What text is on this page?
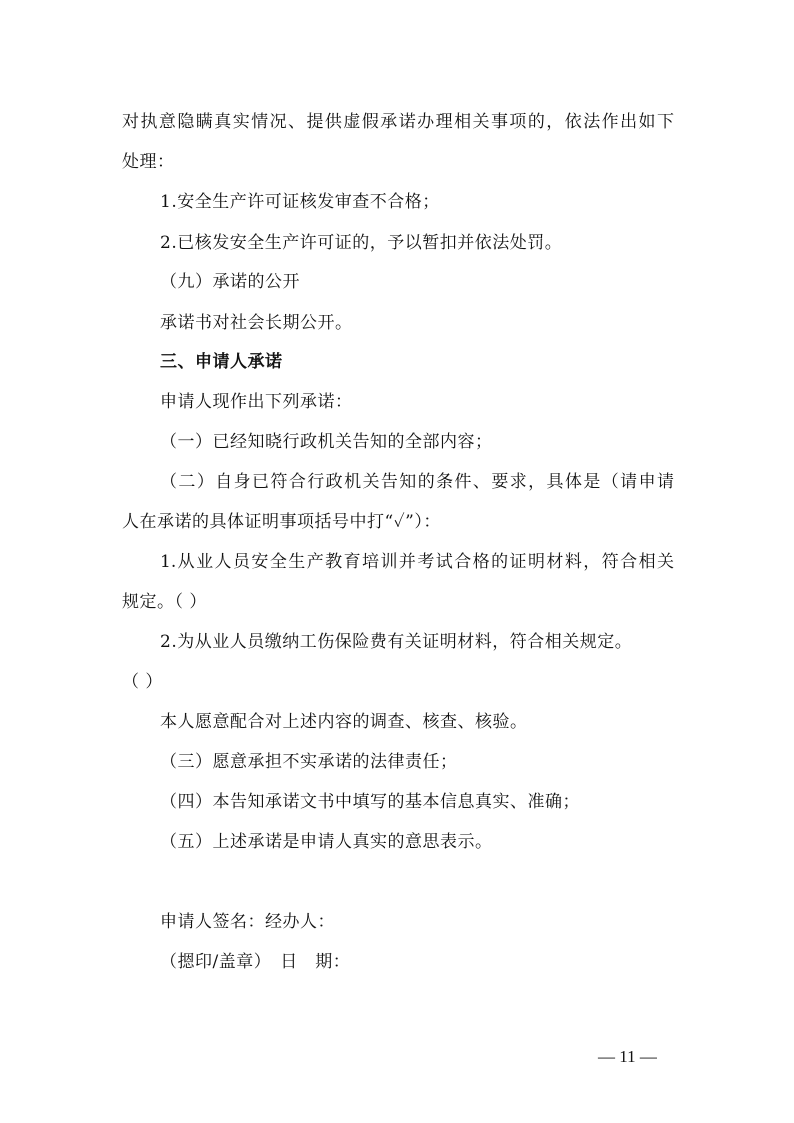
对执意隐瞒真实情况、提供虚假承诺办理相关事项的，依法作出如下
处理：
1.安全生产许可证核发审查不合格；
2.已核发安全生产许可证的，予以暂扣并依法处罚。
（九）承诺的公开
承诺书对社会长期公开。
三、申请人承诺
申请人现作出下列承诺：
（一）已经知晓行政机关告知的全部内容；
（二）自身已符合行政机关告知的条件、要求，具体是（请申请
人在承诺的具体证明事项括号中打“✓”）：
1.从业人员安全生产教育培训并考试合格的证明材料，符合相关
规定。（ ）
2.为从业人员缴纳工伤保险费有关证明材料，符合相关规定。
（ ）
本人愿意配合对上述内容的调查、核查、核验。
（三）愿意承担不实承诺的法律责任；
（四）本告知承诺文书中填写的基本信息真实、准确；
（五）上述承诺是申请人真实的意思表示。
申请人签名：经办人：
（摁印/盖章）　日　期：
— 11 —
